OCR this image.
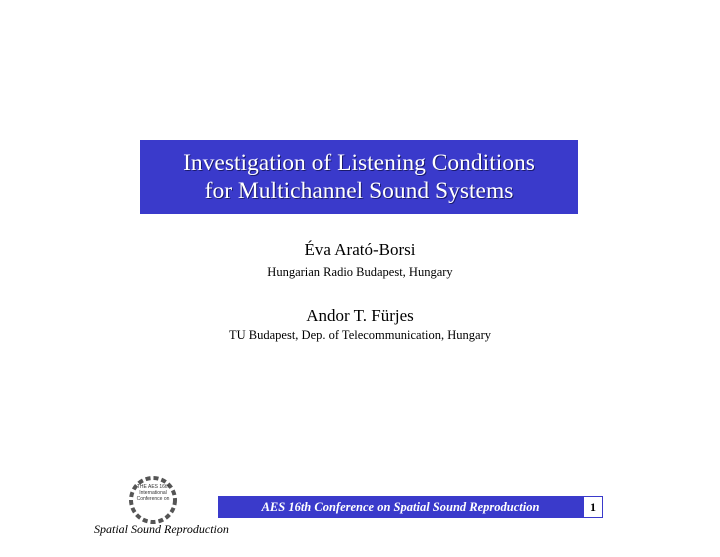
Investigation of Listening Conditions
for Multichannel Sound Systems
Éva Arató-Borsi
Hungarian Radio Budapest, Hungary
Andor T. Fürjes
TU Budapest, Dep. of Telecommunication, Hungary
THE AES 16th International Conference on
Spatial Sound Reproduction
AES 16th Conference on Spatial Sound Reproduction	1
